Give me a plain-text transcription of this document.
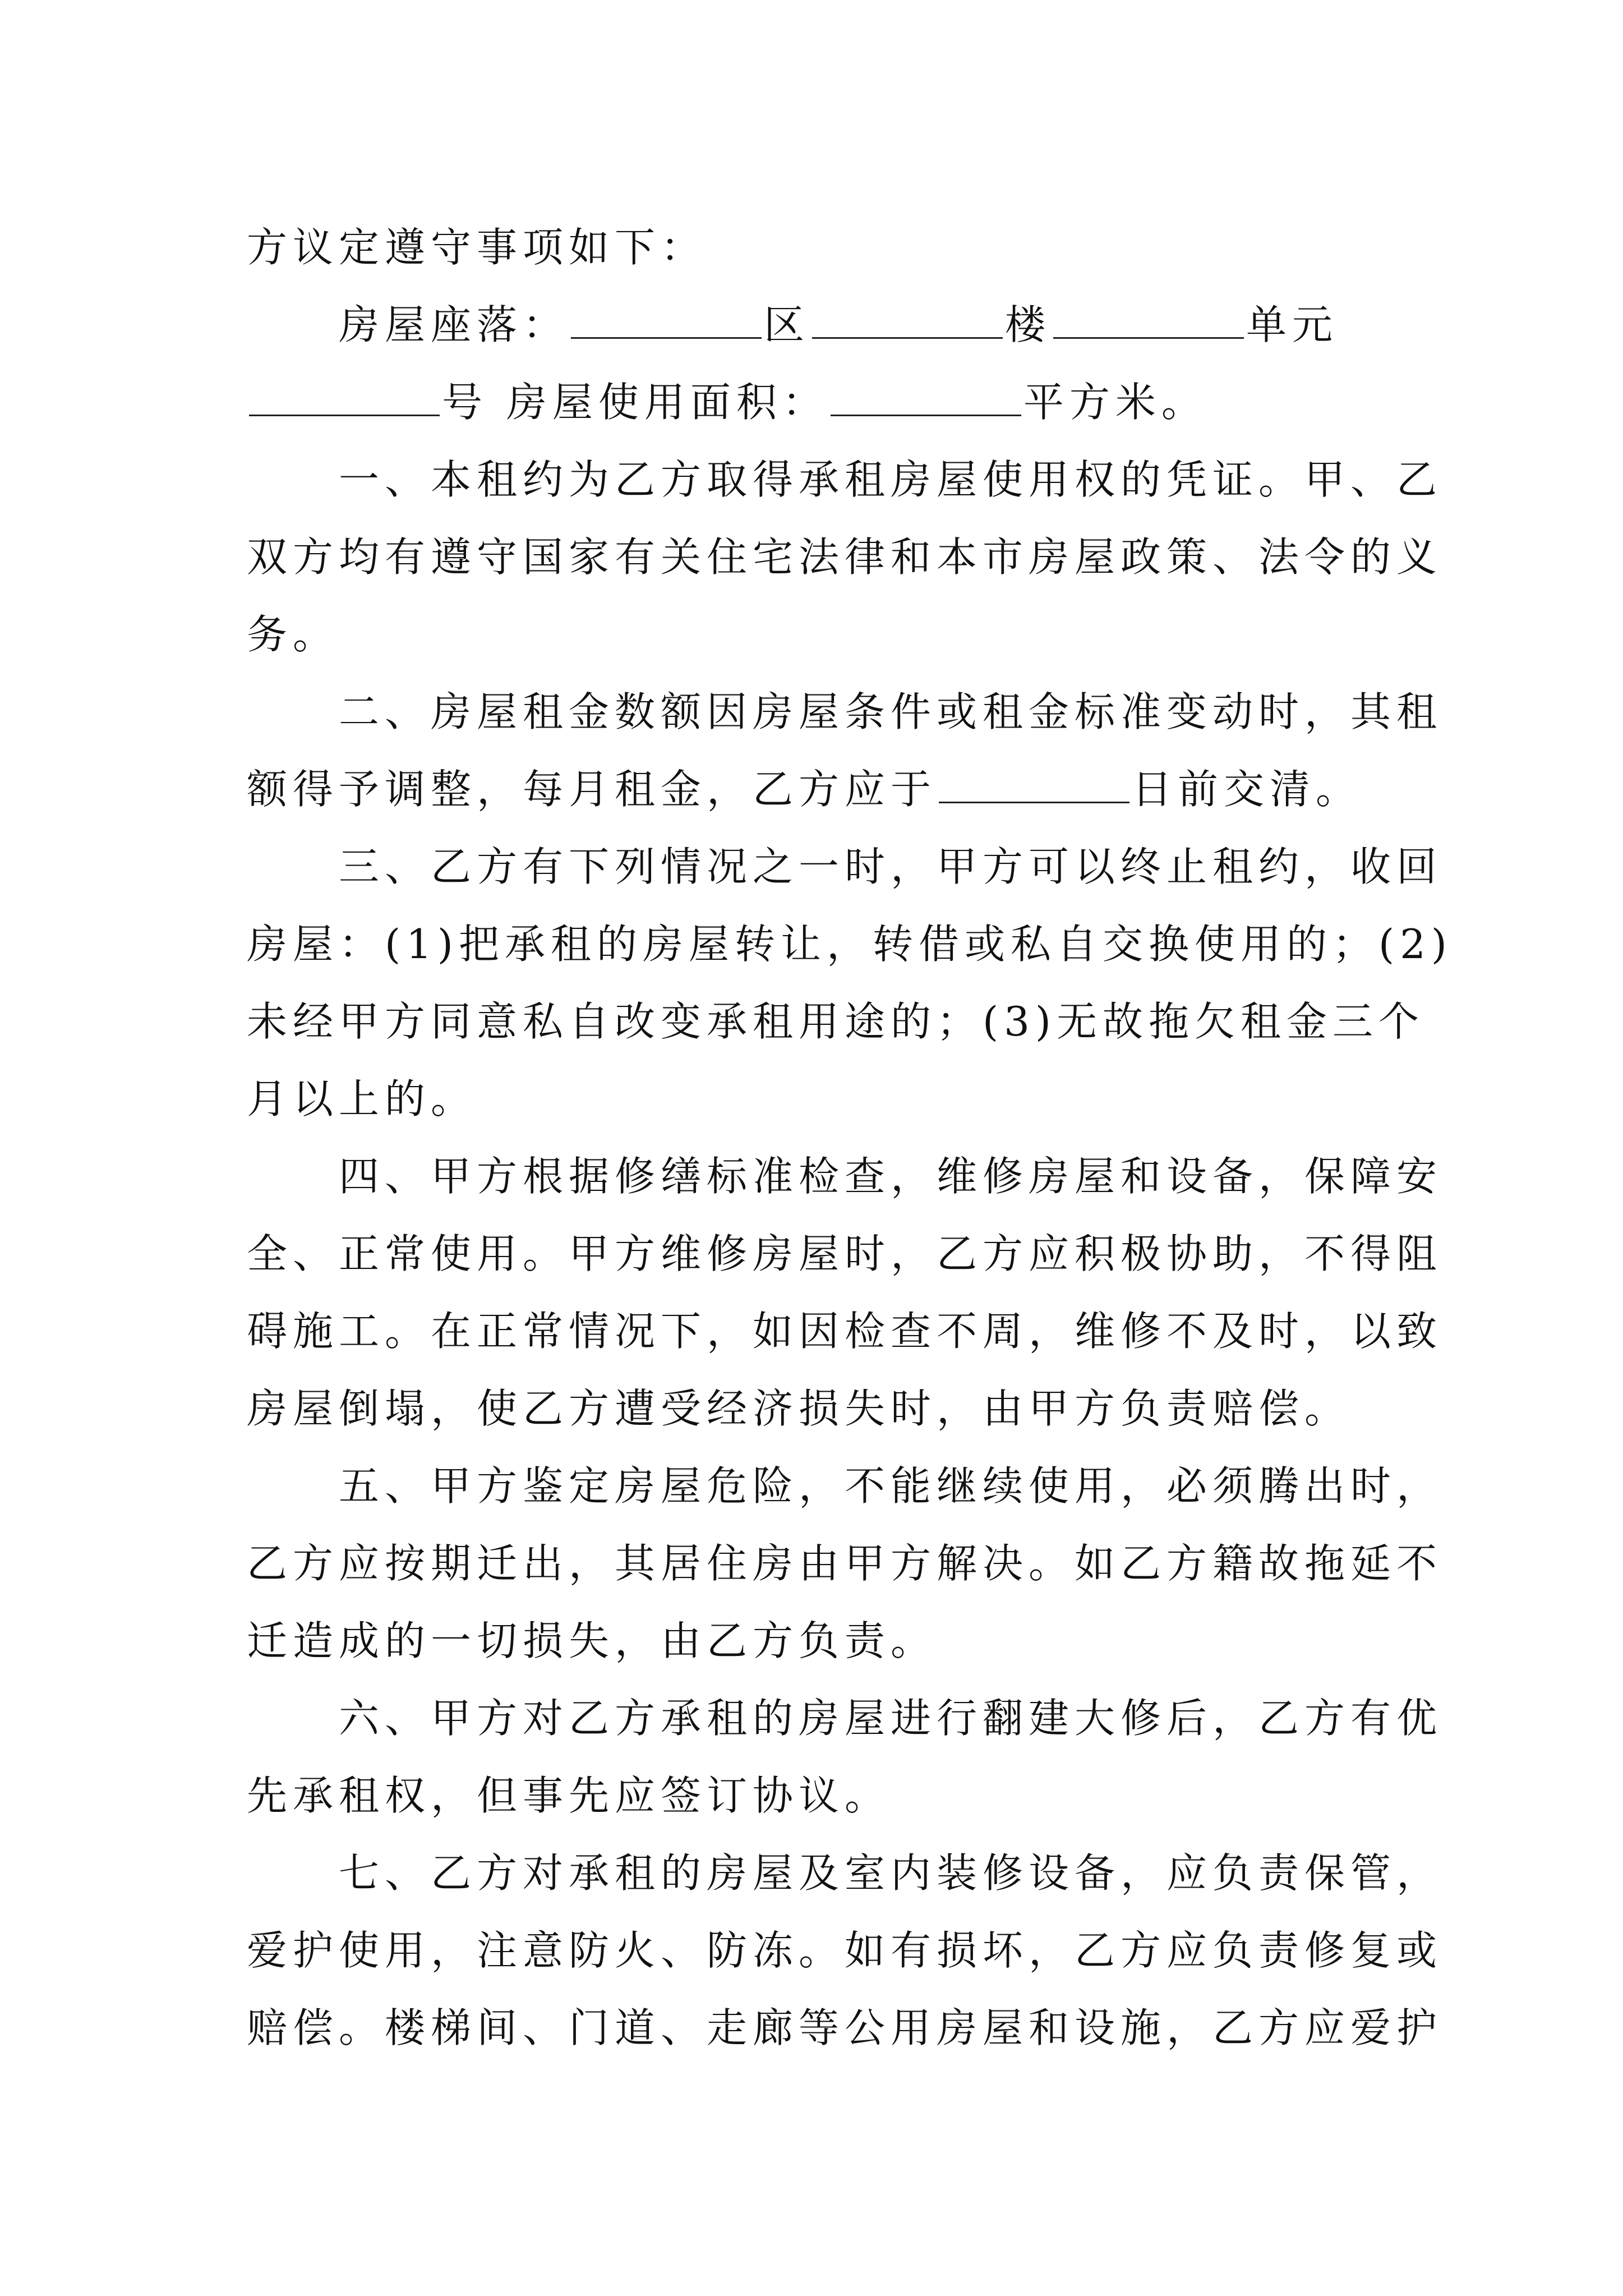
方议定遵守事项如下：
房屋座落：	区	楼	单元
号 房屋使用面积：	平方米。
一、本租约为乙方取得承租房屋使用权的凭证。甲、乙
双方均有遵守国家有关住宅法律和本市房屋政策、法令的义
务。
二、房屋租金数额因房屋条件或租金标准变动时，其租
额得予调整，每月租金，乙方应于	日前交清。
三、乙方有下列情况之一时，甲方可以终止租约，收回
房屋：(1)把承租的房屋转让，转借或私自交换使用的；(2)
未经甲方同意私自改变承租用途的；(3)无故拖欠租金三个
月以上的。
四、甲方根据修缮标准检查，维修房屋和设备，保障安
全、正常使用。甲方维修房屋时，乙方应积极协助，不得阻
碍施工。在正常情况下，如因检查不周，维修不及时，以致
房屋倒塌，使乙方遭受经济损失时，由甲方负责赔偿。
五、甲方鉴定房屋危险，不能继续使用，必须腾出时，
乙方应按期迁出，其居住房由甲方解决。如乙方籍故拖延不
迁造成的一切损失，由乙方负责。
六、甲方对乙方承租的房屋进行翻建大修后，乙方有优
先承租权，但事先应签订协议。
七、乙方对承租的房屋及室内装修设备，应负责保管，
爱护使用，注意防火、防冻。如有损坏，乙方应负责修复或
赔偿。楼梯间、门道、走廊等公用房屋和设施，乙方应爱护
